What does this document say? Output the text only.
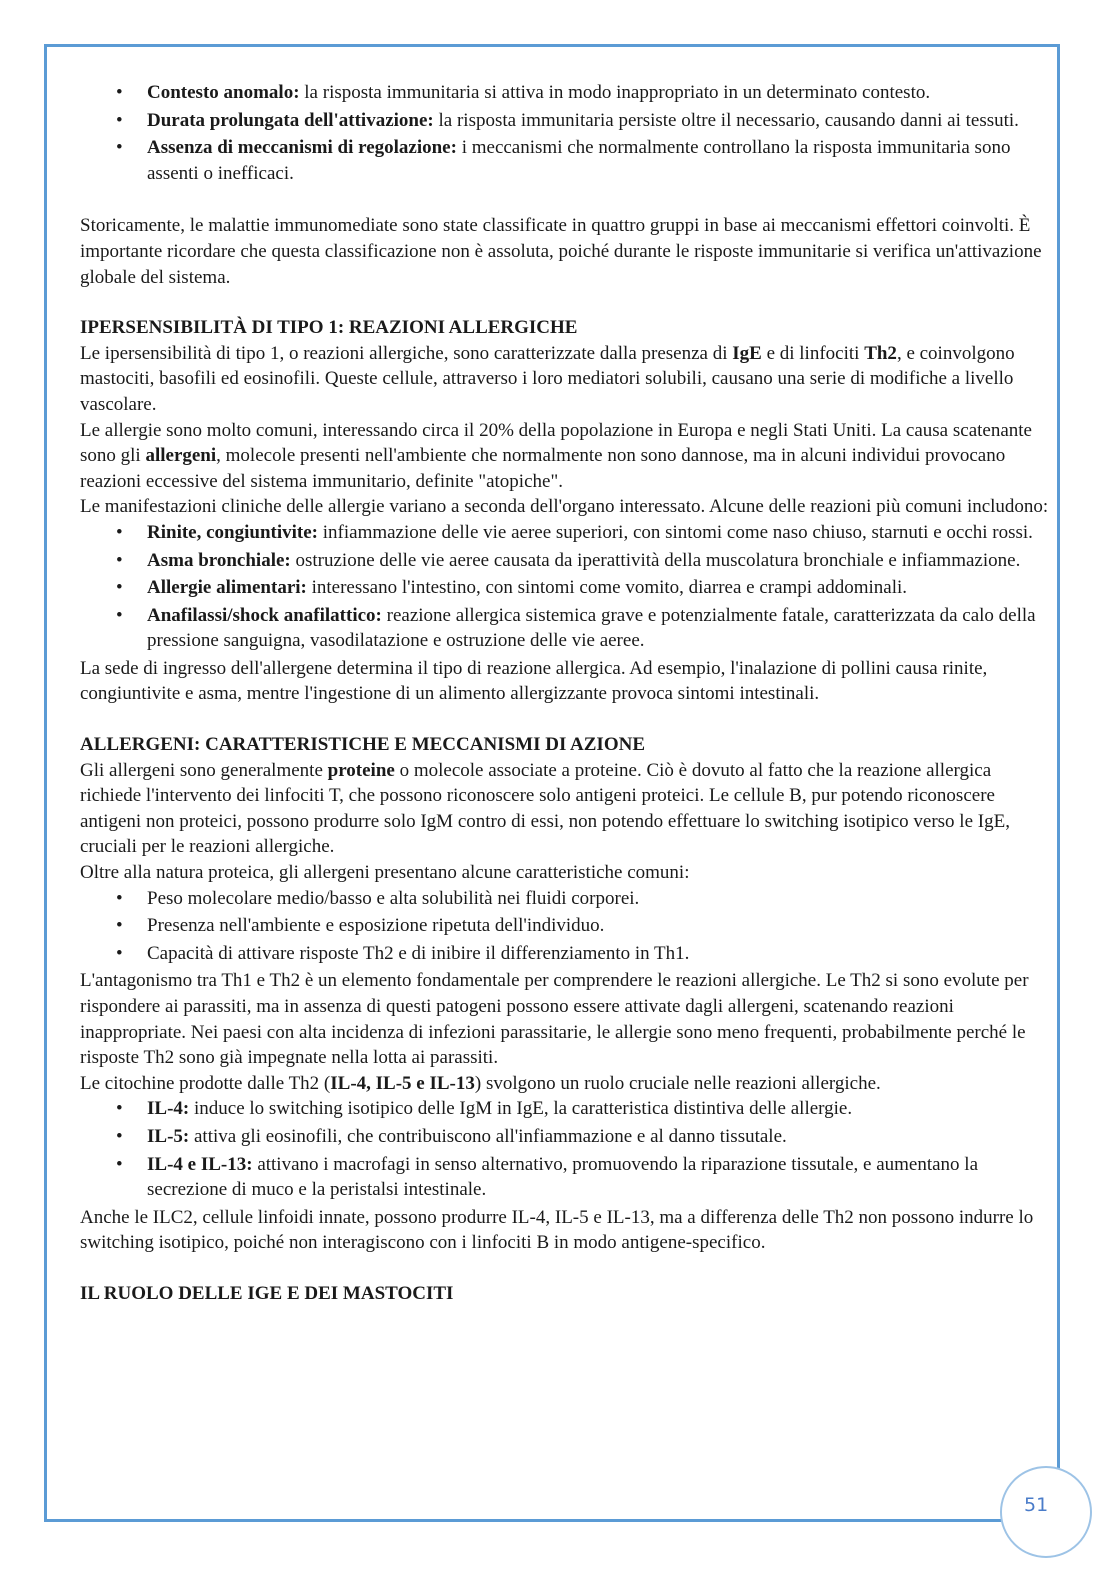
• Contesto anomalo: la risposta immunitaria si attiva in modo inappropriato in un determinato contesto.
• Durata prolungata dell'attivazione: la risposta immunitaria persiste oltre il necessario, causando danni ai tessuti.
• Assenza di meccanismi di regolazione: i meccanismi che normalmente controllano la risposta immunitaria sono assenti o inefficaci.

Storicamente, le malattie immunomediate sono state classificate in quattro gruppi in base ai meccanismi effettori coinvolti. È importante ricordare che questa classificazione non è assoluta, poiché durante le risposte immunitarie si verifica un'attivazione globale del sistema.

IPERSENSIBILITÀ DI TIPO 1: REAZIONI ALLERGICHE

Le ipersensibilità di tipo 1, o reazioni allergiche, sono caratterizzate dalla presenza di IgE e di linfociti Th2, e coinvolgono mastociti, basofili ed eosinofili. Queste cellule, attraverso i loro mediatori solubili, causano una serie di modifiche a livello vascolare.

Le allergie sono molto comuni, interessando circa il 20% della popolazione in Europa e negli Stati Uniti. La causa scatenante sono gli allergeni, molecole presenti nell'ambiente che normalmente non sono dannose, ma in alcuni individui provocano reazioni eccessive del sistema immunitario, definite "atopiche".

Le manifestazioni cliniche delle allergie variano a seconda dell'organo interessato. Alcune delle reazioni più comuni includono:

• Rinite, congiuntivite: infiammazione delle vie aeree superiori, con sintomi come naso chiuso, starnuti e occhi rossi.
• Asma bronchiale: ostruzione delle vie aeree causata da iperattività della muscolatura bronchiale e infiammazione.
• Allergie alimentari: interessano l'intestino, con sintomi come vomito, diarrea e crampi addominali.
• Anafilassi/shock anafilattico: reazione allergica sistemica grave e potenzialmente fatale, caratterizzata da calo della pressione sanguigna, vasodilatazione e ostruzione delle vie aeree.

La sede di ingresso dell'allergene determina il tipo di reazione allergica. Ad esempio, l'inalazione di pollini causa rinite, congiuntivite e asma, mentre l'ingestione di un alimento allergizzante provoca sintomi intestinali.

ALLERGENI: CARATTERISTICHE E MECCANISMI DI AZIONE

Gli allergeni sono generalmente proteine o molecole associate a proteine. Ciò è dovuto al fatto che la reazione allergica richiede l'intervento dei linfociti T, che possono riconoscere solo antigeni proteici. Le cellule B, pur potendo riconoscere antigeni non proteici, possono produrre solo IgM contro di essi, non potendo effettuare lo switching isotipico verso le IgE, cruciali per le reazioni allergiche.

Oltre alla natura proteica, gli allergeni presentano alcune caratteristiche comuni:

• Peso molecolare medio/basso e alta solubilità nei fluidi corporei.
• Presenza nell'ambiente e esposizione ripetuta dell'individuo.
• Capacità di attivare risposte Th2 e di inibire il differenziamento in Th1.

L'antagonismo tra Th1 e Th2 è un elemento fondamentale per comprendere le reazioni allergiche. Le Th2 si sono evolute per rispondere ai parassiti, ma in assenza di questi patogeni possono essere attivate dagli allergeni, scatenando reazioni inappropriate. Nei paesi con alta incidenza di infezioni parassitarie, le allergie sono meno frequenti, probabilmente perché le risposte Th2 sono già impegnate nella lotta ai parassiti.

Le citochine prodotte dalle Th2 (IL-4, IL-5 e IL-13) svolgono un ruolo cruciale nelle reazioni allergiche.

• IL-4: induce lo switching isotipico delle IgM in IgE, la caratteristica distintiva delle allergie.
• IL-5: attiva gli eosinofili, che contribuiscono all'infiammazione e al danno tissutale.
• IL-4 e IL-13: attivano i macrofagi in senso alternativo, promuovendo la riparazione tissutale, e aumentano la secrezione di muco e la peristalsi intestinale.

Anche le ILC2, cellule linfoidi innate, possono produrre IL-4, IL-5 e IL-13, ma a differenza delle Th2 non possono indurre lo switching isotipico, poiché non interagiscono con i linfociti B in modo antigene-specifico.

IL RUOLO DELLE IGE E DEI MASTOCITI

51
